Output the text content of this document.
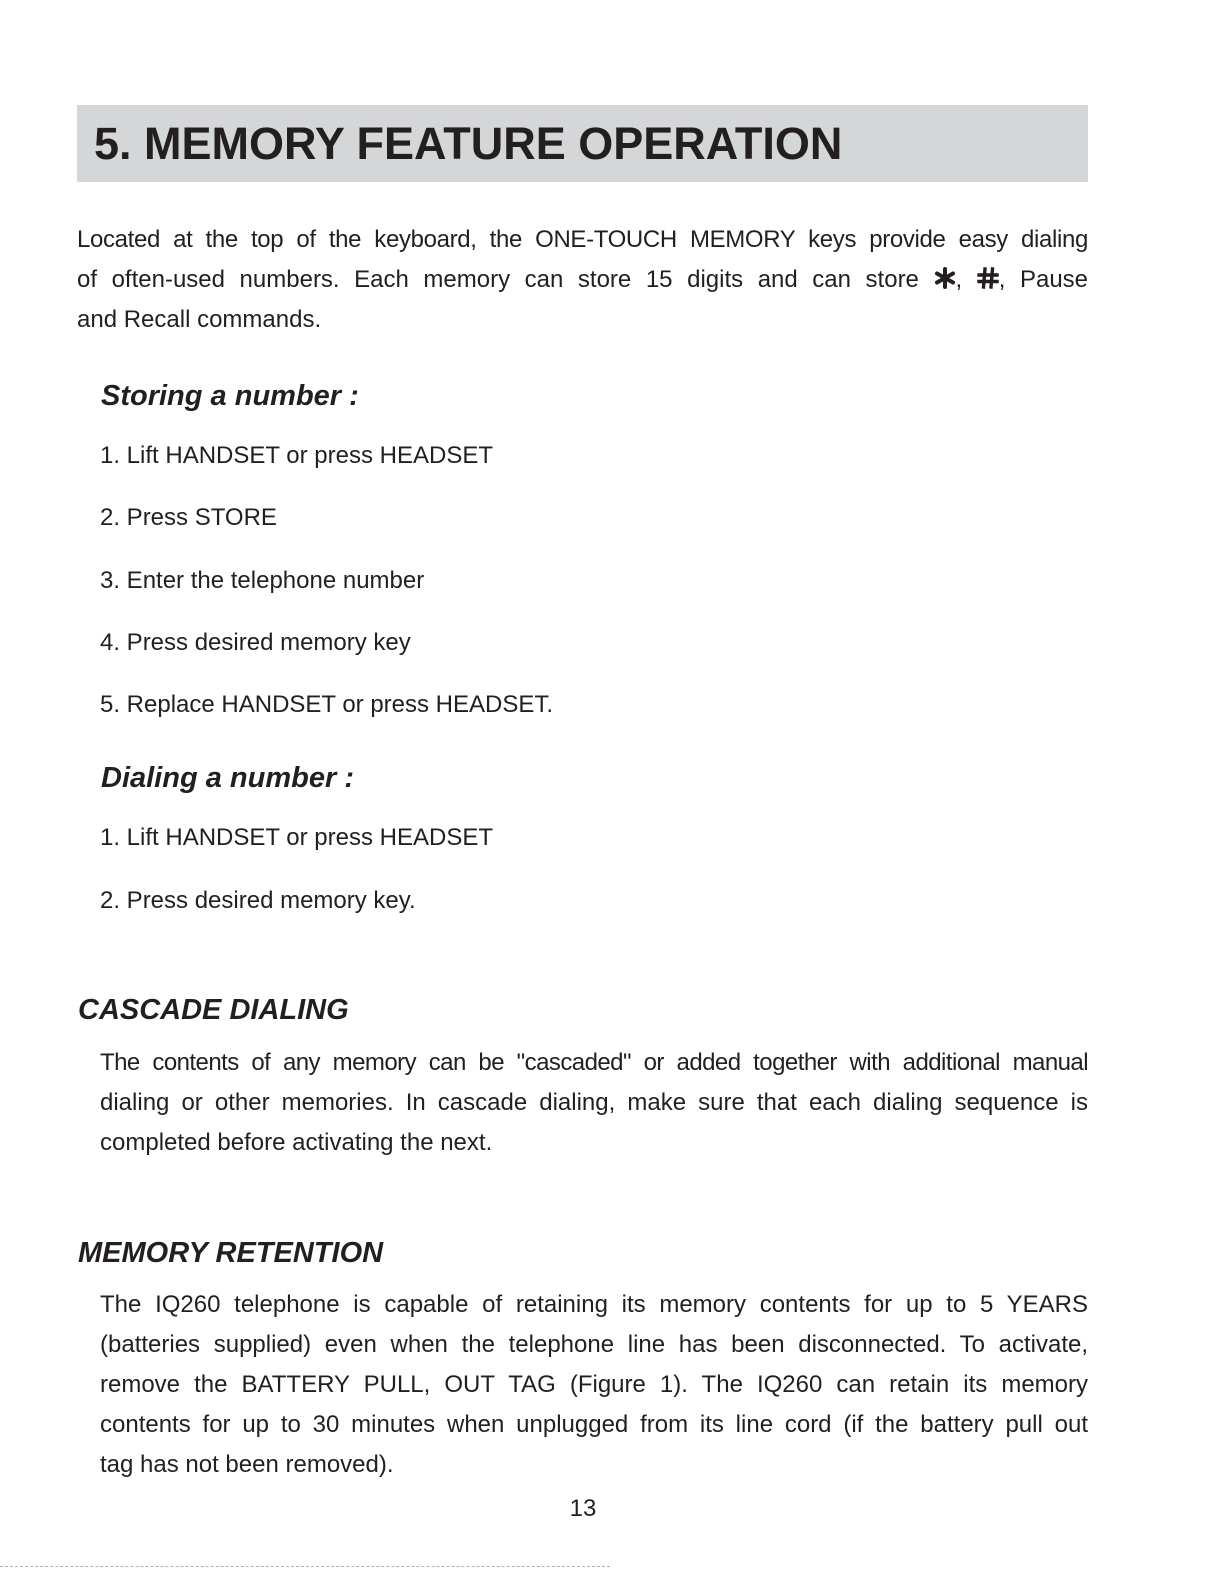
5. MEMORY FEATURE OPERATION
Located at the top of the keyboard, the ONE-TOUCH MEMORY keys provide easy dialing
of often-used numbers. Each memory can store 15 digits and can store , , Pause
and Recall commands.
Storing a number :

1. Lift HANDSET or press HEADSET

2. Press STORE

3. Enter the telephone number

4. Press desired memory key

5. Replace HANDSET or press HEADSET.

Dialing a number :

1. Lift HANDSET or press HEADSET

2. Press desired memory key.

CASCADE DIALING
The contents of any memory can be "cascaded" or added together with additional manual
dialing or other memories. In cascade dialing, make sure that each dialing sequence is
completed before activating the next.
MEMORY RETENTION
The IQ260 telephone is capable of retaining its memory contents for up to 5 YEARS
(batteries supplied) even when the telephone line has been disconnected. To activate,
remove the BATTERY PULL, OUT TAG (Figure 1). The IQ260 can retain its memory
contents for up to 30 minutes when unplugged from its line cord (if the battery pull out
tag has not been removed).
13
